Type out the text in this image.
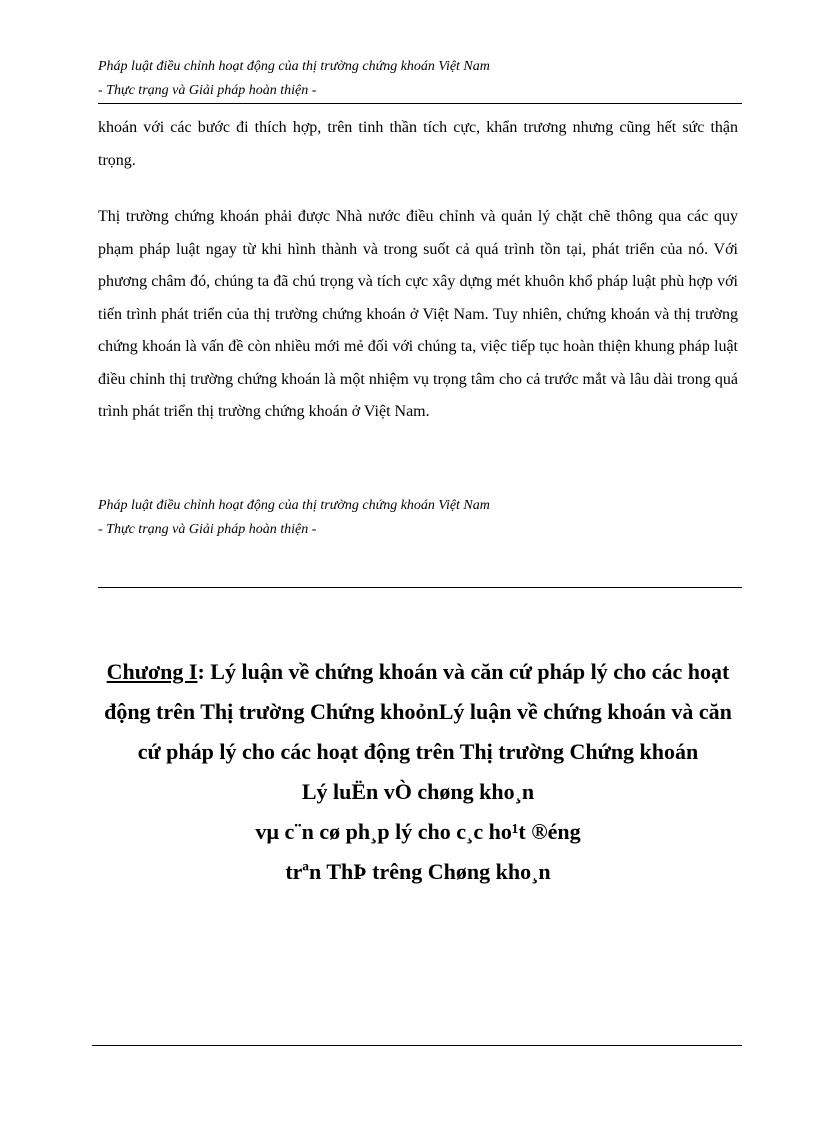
Pháp luật điều chỉnh hoạt động của thị trường chứng khoán Việt Nam
- Thực trạng và Giải pháp hoàn thiện -
khoán với các bước đi thích hợp, trên tinh thần tích cực, khẩn trương nhưng cũng hết sức thận trọng.
Thị trường chứng khoán phải được Nhà nước điều chỉnh và quản lý chặt chẽ thông qua các quy phạm pháp luật ngay từ khi hình thành và trong suốt cả quá trình tồn tại, phát triển của nó. Với phương châm đó, chúng ta đã chú trọng và tích cực xây dựng mét khuôn khổ pháp luật phù hợp với tiến trình phát triển của thị trường chứng khoán ở Việt Nam. Tuy nhiên, chứng khoán và thị trường chứng khoán là vấn đề còn nhiều mới mẻ đối với chúng ta, việc tiếp tục hoàn thiện khung pháp luật điều chỉnh thị trường chứng khoán là một nhiệm vụ trọng tâm cho cả trước mắt và lâu dài trong quá trình phát triển thị trường chứng khoán ở Việt Nam.
Pháp luật điều chỉnh hoạt động của thị trường chứng khoán Việt Nam
- Thực trạng và Giải pháp hoàn thiện -
Chương I: Lý luận về chứng khoán và căn cứ pháp lý cho các hoạt động trên Thị trường Chứng khoỏnLý luận về chứng khoán và căn cứ pháp lý cho các hoạt động trên Thị trường Chứng khoán
Lý luËn vÒ chøng kho¸n
vµ c¨n cø ph¸p lý cho c¸c ho¹t ®éng
trªn ThÞ trêng Chøng kho¸n
